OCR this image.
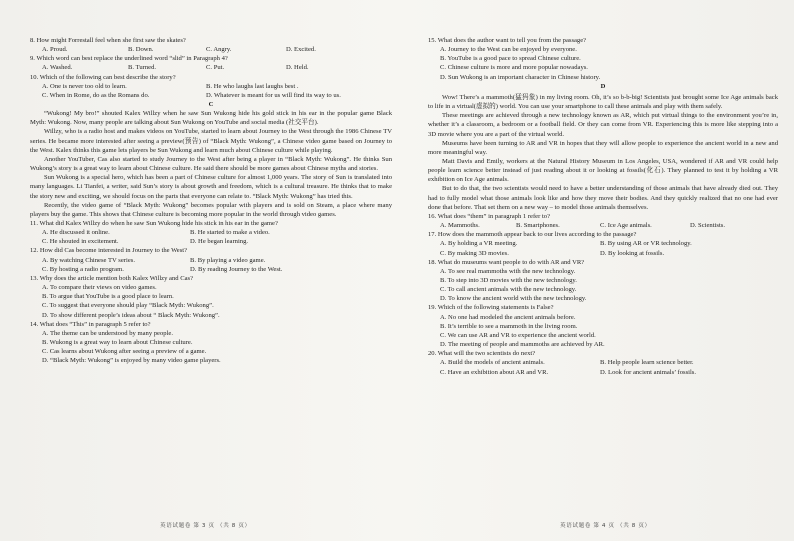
8. How might Forrestall feel when she first saw the skates?
A. Proud.	B. Down.	C. Angry.	D. Excited.
9. Which word can best replace the underlined word “slid” in Paragraph 4?
A. Washed.	B. Turned.	C. Put.	D. Held.
10. Which of the following can best describe the story?
A. One is never too old to learn.	B. He who laughs last laughs best .
C. When in Rome, do as the Romans do.	D. Whatever is meant for us will find its way to us.
C

“Wukong! My bro!” shouted Kalex Willzy when he saw Sun Wukong hide his gold stick in his ear in the popular game Black Myth: Wukong. Now, many people are talking about Sun Wukong on YouTube and social media (社交平台).

Willzy, who is a radio host and makes videos on YouTube, started to learn about Journey to the West through the 1986 Chinese TV series. He became more interested after seeing a preview(预告) of “Black Myth: Wukong”, a Chinese video game based on Journey to the West. Kalex thinks this game lets players be Sun Wukong and learn much about Chinese culture while playing.

Another YouTuber, Cas also started to study Journey to the West after being a player in “Black Myth: Wukong”. He thinks Sun Wukong’s story is a great way to learn about Chinese culture. He said there should be more games about Chinese myths and stories.

Sun Wukong is a special hero, which has been a part of Chinese culture for almost 1,000 years. The story of Sun is translated into many languages. Li Tianfei, a writer, said Sun’s story is about growth and freedom, which is a cultural treasure. He thinks that to make the story new and exciting, we should focus on the parts that everyone can relate to. “Black Myth: Wukong” has tried this.

Recently, the video game of “Black Myth: Wukong” becomes popular with players and is sold on Steam, a place where many players buy the game. This shows that Chinese culture is becoming more popular in the world through video games.

11. What did Kalex Willzy do when he saw Sun Wukong hide his stick in his ear in the game?
A. He discussed it online.	B. He started to make a video.
C. He shouted in excitement.	D. He began learning.
12. How did Cas become interested in Journey to the West?
A. By watching Chinese TV series.	B. By playing a video game.
C. By hosting a radio program.	D. By reading Journey to the West.
13. Why does the article mention both Kalex Willzy and Cas?
A. To compare their views on video games.
B. To argue that YouTube is a good place to learn.
C. To suggest that everyone should play “Black Myth: Wukong”.
D. To show different people’s ideas about “ Black Myth: Wukong”.
14. What does “This” in paragraph 5 refer to?
A. The theme can be understood by many people.
B. Wukong is a great way to learn about Chinese culture.
C. Cas learns about Wukong after seeing a preview of a game.
D. “Black Myth: Wukong” is enjoyed by many video game players.
英语试题卷 第 3 页 （共 8 页）
15. What does the author want to tell you from the passage?
A. Journey to the West can be enjoyed by everyone.
B. YouTube is a good pace to spread Chinese culture.
C. Chinese culture is more and more popular nowadays.
D. Sun Wukong is an important character in Chinese history.
D

Wow! There’s a mammoth(猛犸象) in my living room. Oh, it’s so b-b-big! Scientists just brought some Ice Age animals back to life in a virtual(虚拟的) world. You can use your smartphone to call these animals and play with them safely.

These meetings are achieved through a new technology known as AR, which put virtual things to the environment you’re in, whether it’s a classroom, a bedroom or a football field. Or they can come from VR. Experiencing this is more like stepping into a 3D movie where you are a part of the virtual world.

Museums have been turning to AR and VR in hopes that they will allow people to experience the ancient world in a new and more meaningful way.

Matt Davis and Emily, workers at the Natural History Museum in Los Angeles, USA, wondered if AR and VR could help people learn science better instead of just reading about it or looking at fossils(化石). They planned to test it by holding a VR exhibition on Ice Age animals.

But to do that, the two scientists would need to have a better understanding of those animals that have already died out. They had to fully model what those animals look like and how they move their bodies. And they quickly realized that no one had ever done that before. That set them on a new way – to model those animals themselves.

16. What does “them” in paragraph 1 refer to?
A. Mammoths.	B. Smartphones.	C. Ice Age animals.	D. Scientists.
17. How does the mammoth appear back to our lives according to the passage?
A. By holding a VR meeting.	B. By using AR or VR technology.
C. By making 3D movies.	D. By looking at fossils.
18. What do museums want people to do with AR and VR?
A. To see real mammoths with the new technology.
B. To step into 3D movies with the new technology.
C. To call ancient animals with the new technology.
D. To know the ancient world with the new technology.
19. Which of the following statements is False?
A. No one had modeled the ancient animals before.
B. It’s terrible to see a mammoth in the living room.
C. We can use AR and VR to experience the ancient world.
D. The meeting of people and mammoths are achieved by AR.
20. What will the two scientists do next?
A. Build the models of ancient animals.	B. Help people learn science better.
C. Have an exhibition about AR and VR.	D. Look for ancient animals’ fossils.
英语试题卷 第 4 页 （共 8 页）
